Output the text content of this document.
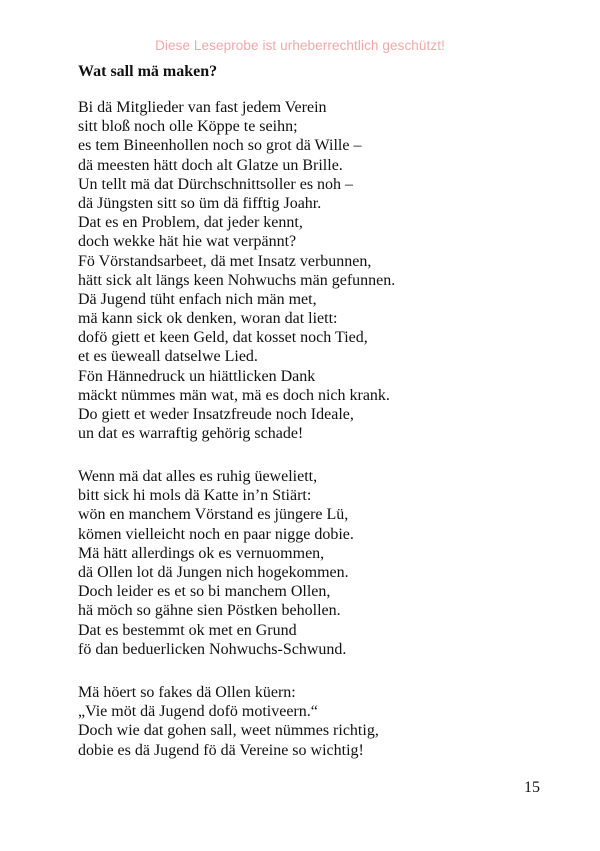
Diese Leseprobe ist urheberrechtlich geschützt!
Wat sall mä maken?
Bi dä Mitglieder van fast jedem Verein
sitt bloß noch olle Köppe te seihn;
es tem Bineenhollen noch so grot dä Wille –
dä meesten hätt doch alt Glatze un Brille.
Un tellt mä dat Dürchschnittsoller es noh –
dä Jüngsten sitt so üm dä fifftig Joahr.
Dat es en Problem, dat jeder kennt,
doch wekke hät hie wat verpännt?
Fö Vörstandsarbeet, dä met Insatz verbunnen,
hätt sick alt längs keen Nohwuchs män gefunnen.
Dä Jugend tüht enfach nich män met,
mä kann sick ok denken, woran dat liett:
dofö giett et keen Geld, dat kosset noch Tied,
et es üeweall datselwe Lied.
Fön Hännedruck un hiättlicken Dank
mäckt nümmes män wat, mä es doch nich krank.
Do giett et weder Insatzfreude noch Ideale,
un dat es warraftig gehörig schade!
Wenn mä dat alles es ruhig üeweliett,
bitt sick hi mols dä Katte in’n Stiärt:
wön en manchem Vörstand es jüngere Lü,
kömen vielleicht noch en paar nigge dobie.
Mä hätt allerdings ok es vernuommen,
dä Ollen lot dä Jungen nich hogekommen.
Doch leider es et so bi manchem Ollen,
hä möch so gähne sien Pöstken behollen.
Dat es bestemmt ok met en Grund
fö dan beduerlicken Nohwuchs-Schwund.
Mä höert so fakes dä Ollen küern:
„Vie möt dä Jugend dofö motiveern.“
Doch wie dat gohen sall, weet nümmes richtig,
dobie es dä Jugend fö dä Vereine so wichtig!
15
